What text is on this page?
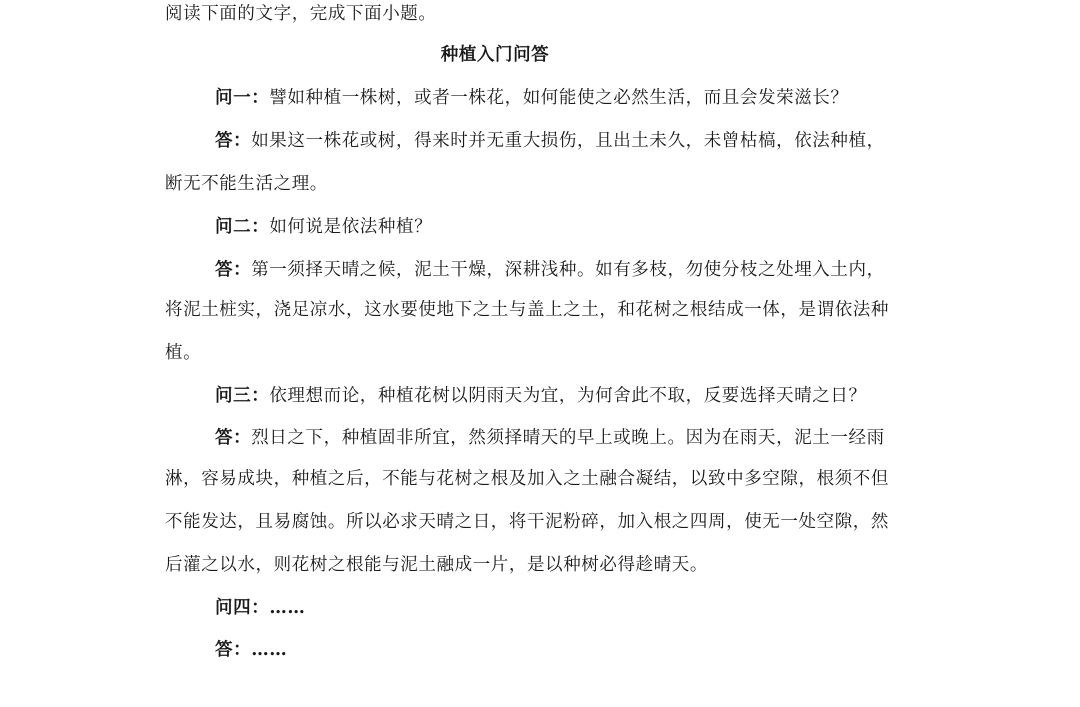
阅读下面的文字，完成下面小题。
种植入门问答
问一：譬如种植一株树，或者一株花，如何能使之必然生活，而且会发荣滋长？
答：如果这一株花或树，得来时并无重大损伤，且出土未久，未曾枯槁，依法种植，
断无不能生活之理。
问二：如何说是依法种植？
答：第一须择天晴之候，泥土干燥，深耕浅种。如有多枝，勿使分枝之处埋入土内，
将泥土桩实，浇足凉水，这水要使地下之土与盖上之土，和花树之根结成一体，是谓依法种
植。
问三：依理想而论，种植花树以阴雨天为宜，为何舍此不取，反要选择天晴之日？
答：烈日之下，种植固非所宜，然须择晴天的早上或晚上。因为在雨天，泥土一经雨
淋，容易成块，种植之后，不能与花树之根及加入之土融合凝结，以致中多空隙，根须不但
不能发达，且易腐蚀。所以必求天晴之日，将干泥粉碎，加入根之四周，使无一处空隙，然
后灌之以水，则花树之根能与泥土融成一片，是以种树必得趁晴天。
问四：……
答：……
